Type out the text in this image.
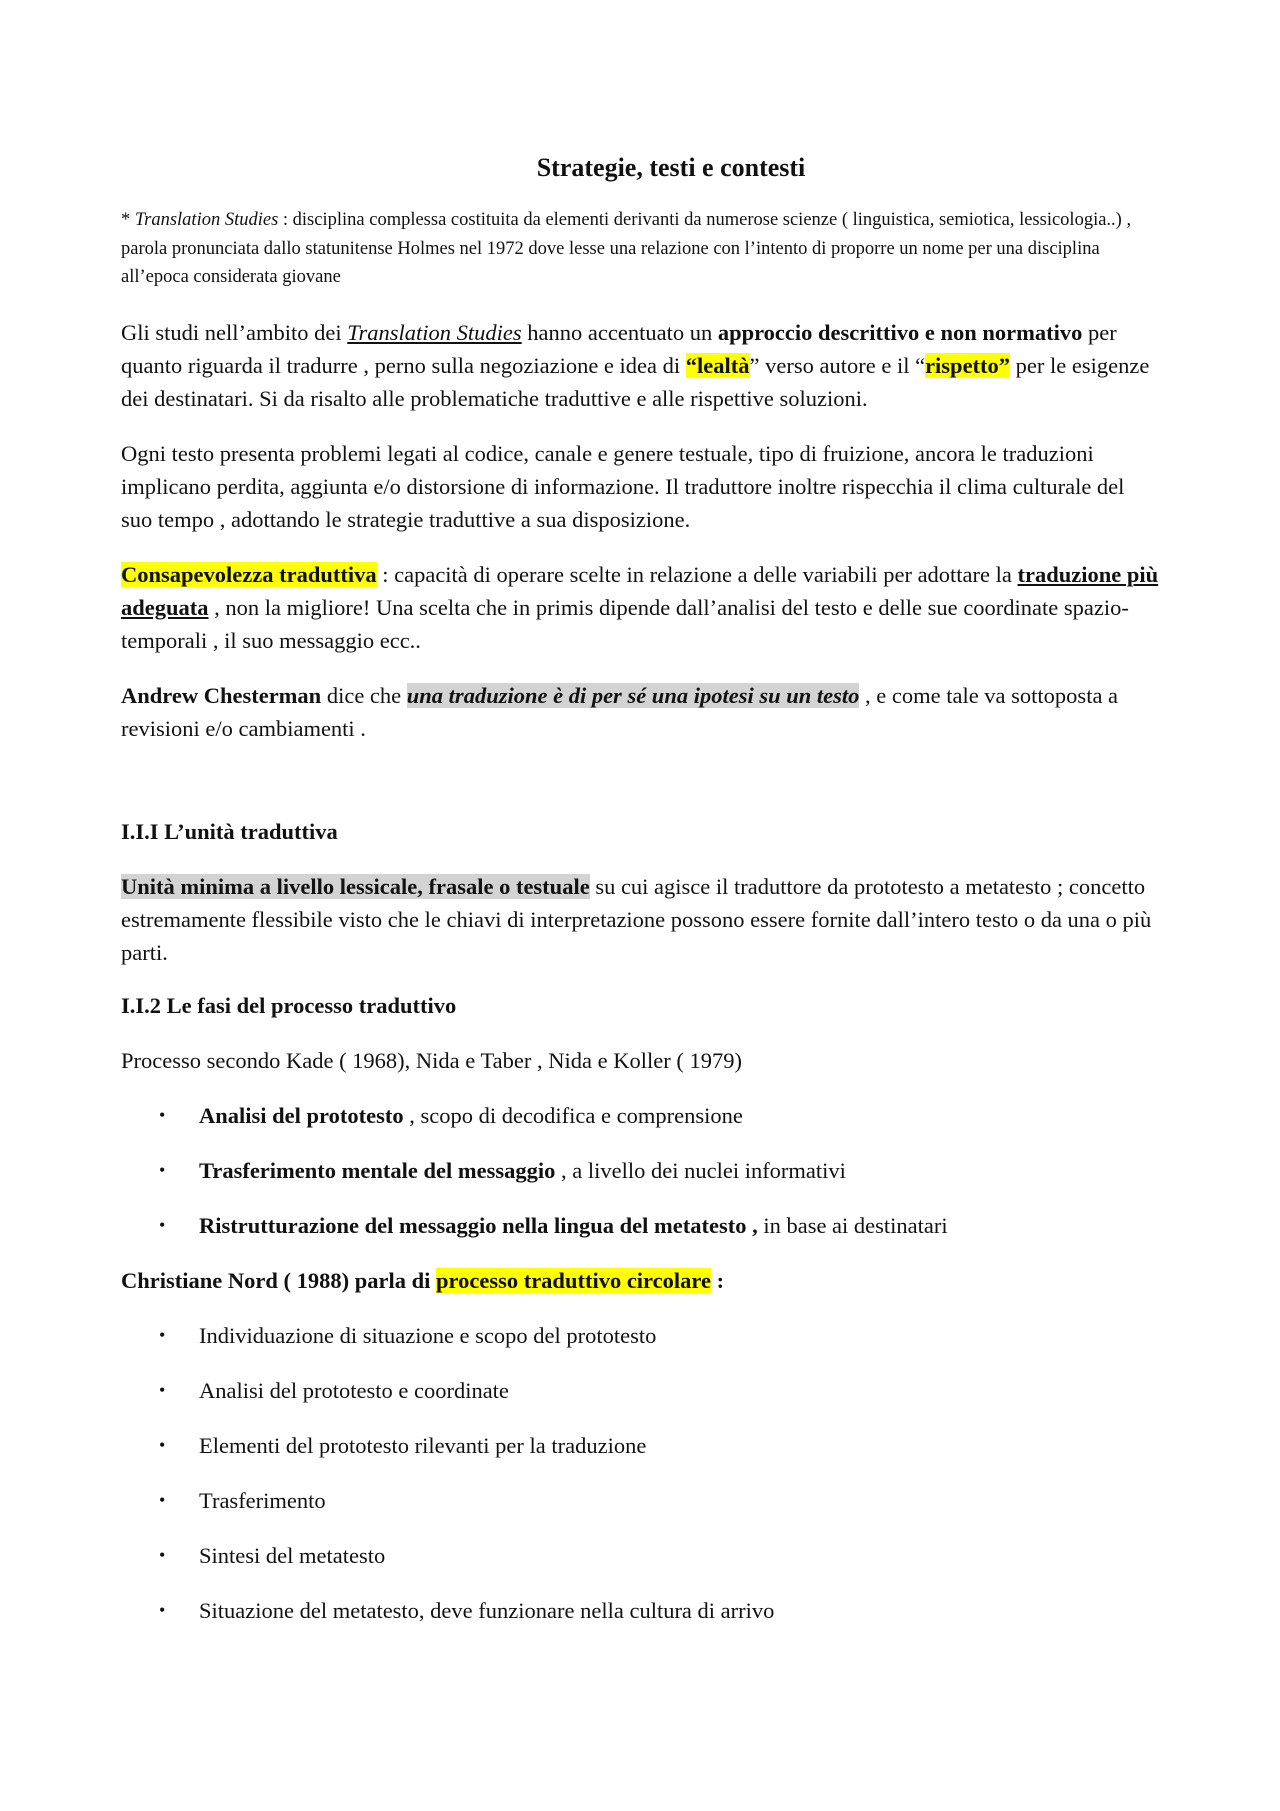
Strategie, testi e contesti

* Translation Studies : disciplina complessa costituita da elementi derivanti da numerose scienze ( linguistica, semiotica, lessicologia..) , parola pronunciata dallo statunitense Holmes nel 1972 dove lesse una relazione con l’intento di proporre un nome per una disciplina all’epoca considerata giovane

Gli studi nell’ambito dei Translation Studies hanno accentuato un approccio descrittivo e non normativo per quanto riguarda il tradurre , perno sulla negoziazione e idea di “lealtà” verso autore e il “rispetto” per le esigenze dei destinatari. Si da risalto alle problematiche traduttive e alle rispettive soluzioni.

Ogni testo presenta problemi legati al codice, canale e genere testuale, tipo di fruizione, ancora le traduzioni implicano perdita, aggiunta e/o distorsione di informazione. Il traduttore inoltre rispecchia il clima culturale del suo tempo , adottando le strategie traduttive a sua disposizione.

Consapevolezza traduttiva : capacità di operare scelte in relazione a delle variabili per adottare la traduzione più adeguata , non la migliore! Una scelta che in primis dipende dall’analisi del testo e delle sue coordinate spazio- temporali , il suo messaggio ecc..

Andrew Chesterman dice che una traduzione è di per sé una ipotesi su un testo , e come tale va sottoposta a revisioni e/o cambiamenti .

I.I.I L’unità traduttiva

Unità minima a livello lessicale, frasale o testuale su cui agisce il traduttore da prototesto a metatesto ; concetto estremamente flessibile visto che le chiavi di interpretazione possono essere fornite dall’intero testo o da una o più parti.

I.I.2 Le fasi del processo traduttivo

Processo secondo Kade ( 1968), Nida e Taber , Nida e Koller ( 1979)

• Analisi del prototesto , scopo di decodifica e comprensione
• Trasferimento mentale del messaggio , a livello dei nuclei informativi
• Ristrutturazione del messaggio nella lingua del metatesto , in base ai destinatari

Christiane Nord ( 1988) parla di processo traduttivo circolare :

• Individuazione di situazione e scopo del prototesto
• Analisi del prototesto e coordinate
• Elementi del prototesto rilevanti per la traduzione
• Trasferimento
• Sintesi del metatesto
• Situazione del metatesto, deve funzionare nella cultura di arrivo
